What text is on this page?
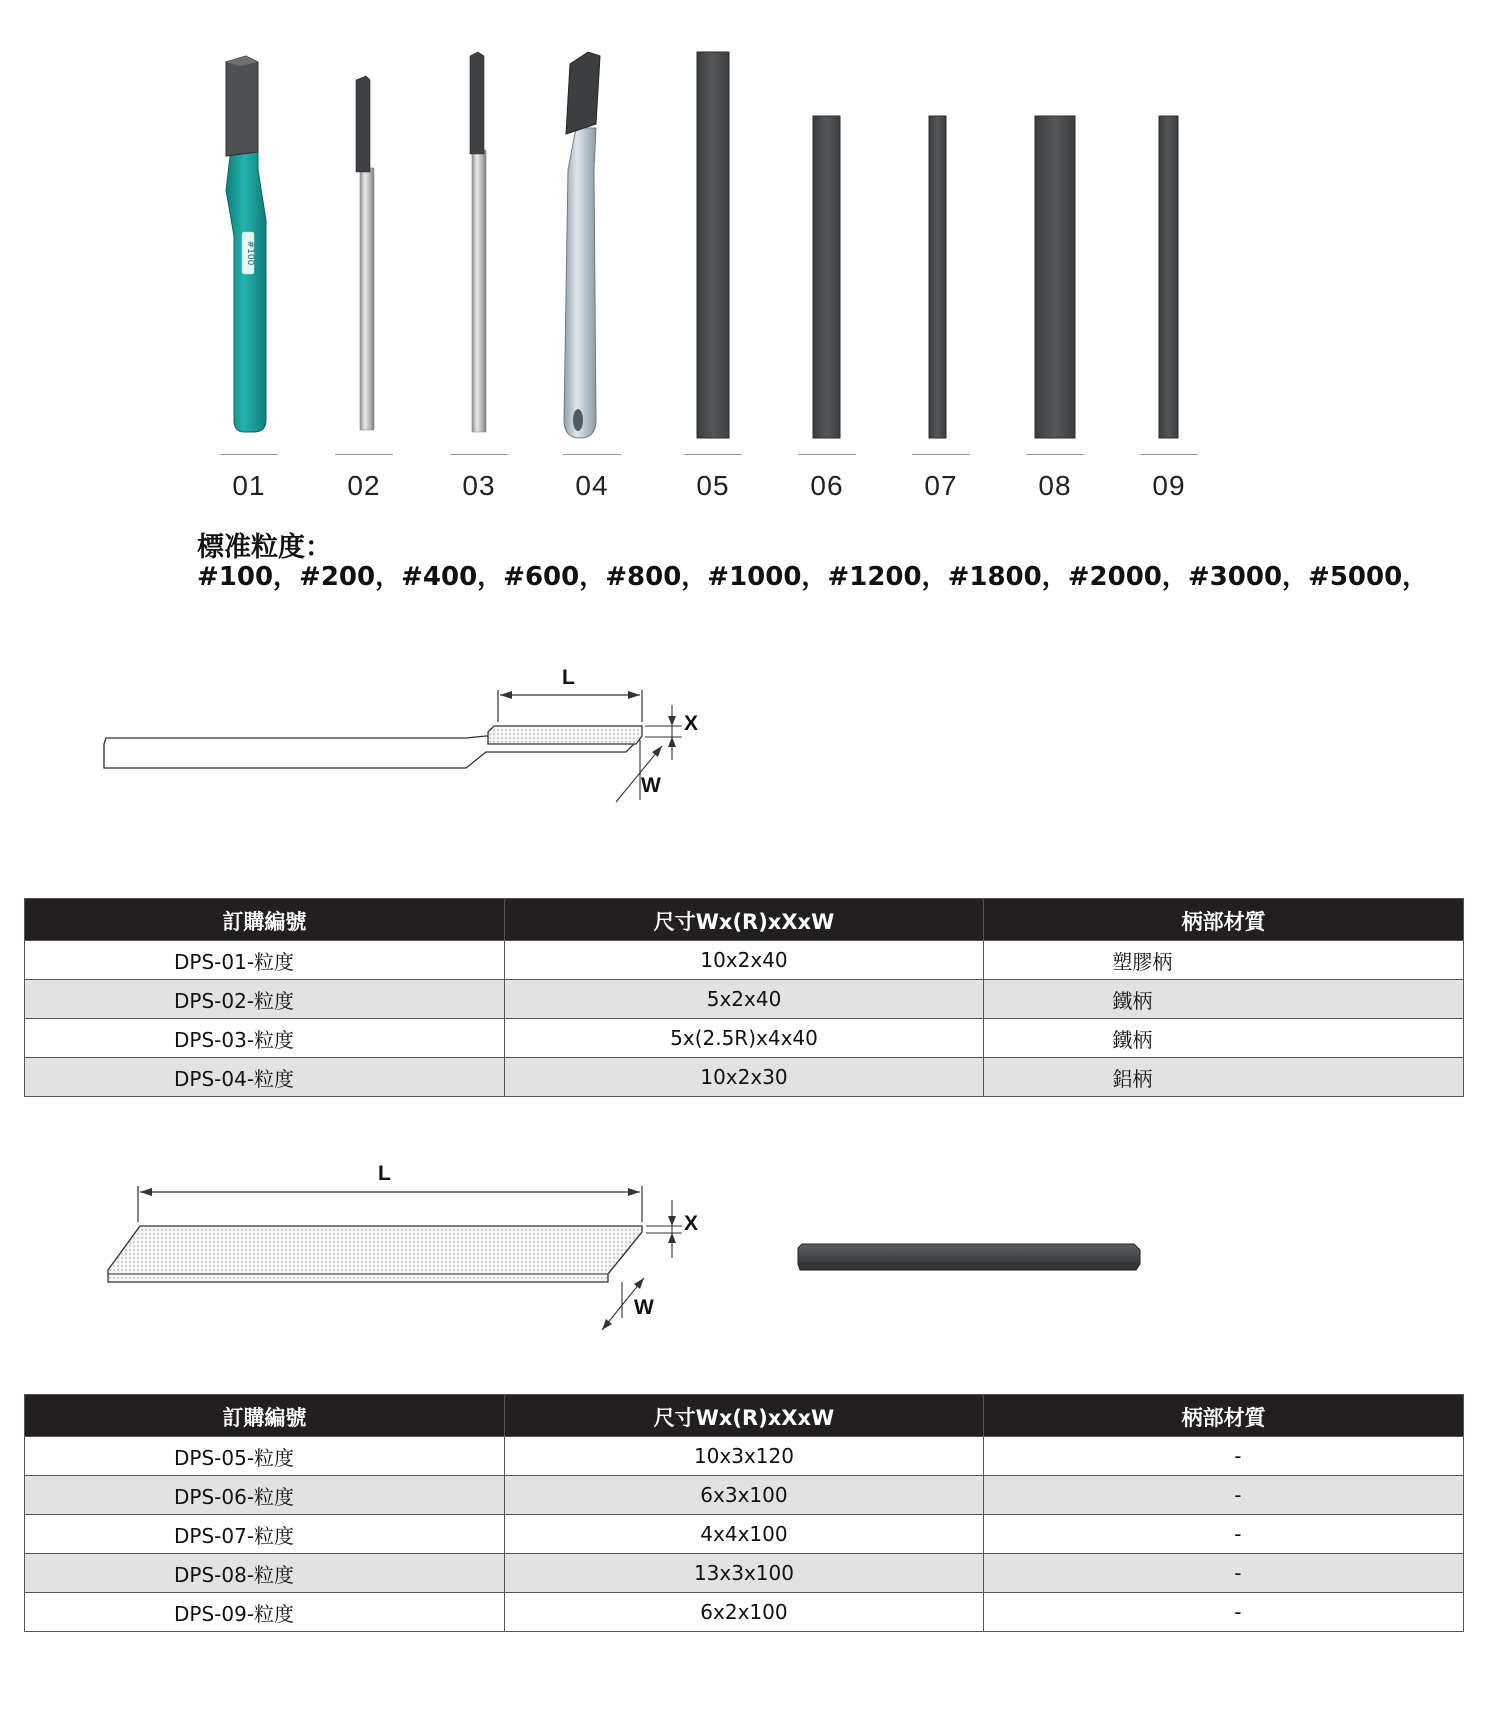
#100
01	02	03	04	05	06	07	08	09
標准粒度：
#100，#200，#400，#600，#800，#1000，#1200，#1800，#2000，#3000，#5000，
L
X
W
訂購編號	尺寸Wx(R)xXxW	柄部材質
DPS-01-粒度	10x2x40	塑膠柄
DPS-02-粒度	5x2x40	鐵柄
DPS-03-粒度	5x(2.5R)x4x40	鐵柄
DPS-04-粒度	10x2x30	鋁柄
L
X
W
訂購編號	尺寸Wx(R)xXxW	柄部材質
DPS-05-粒度	10x3x120	-
DPS-06-粒度	6x3x100	-
DPS-07-粒度	4x4x100	-
DPS-08-粒度	13x3x100	-
DPS-09-粒度	6x2x100	-
